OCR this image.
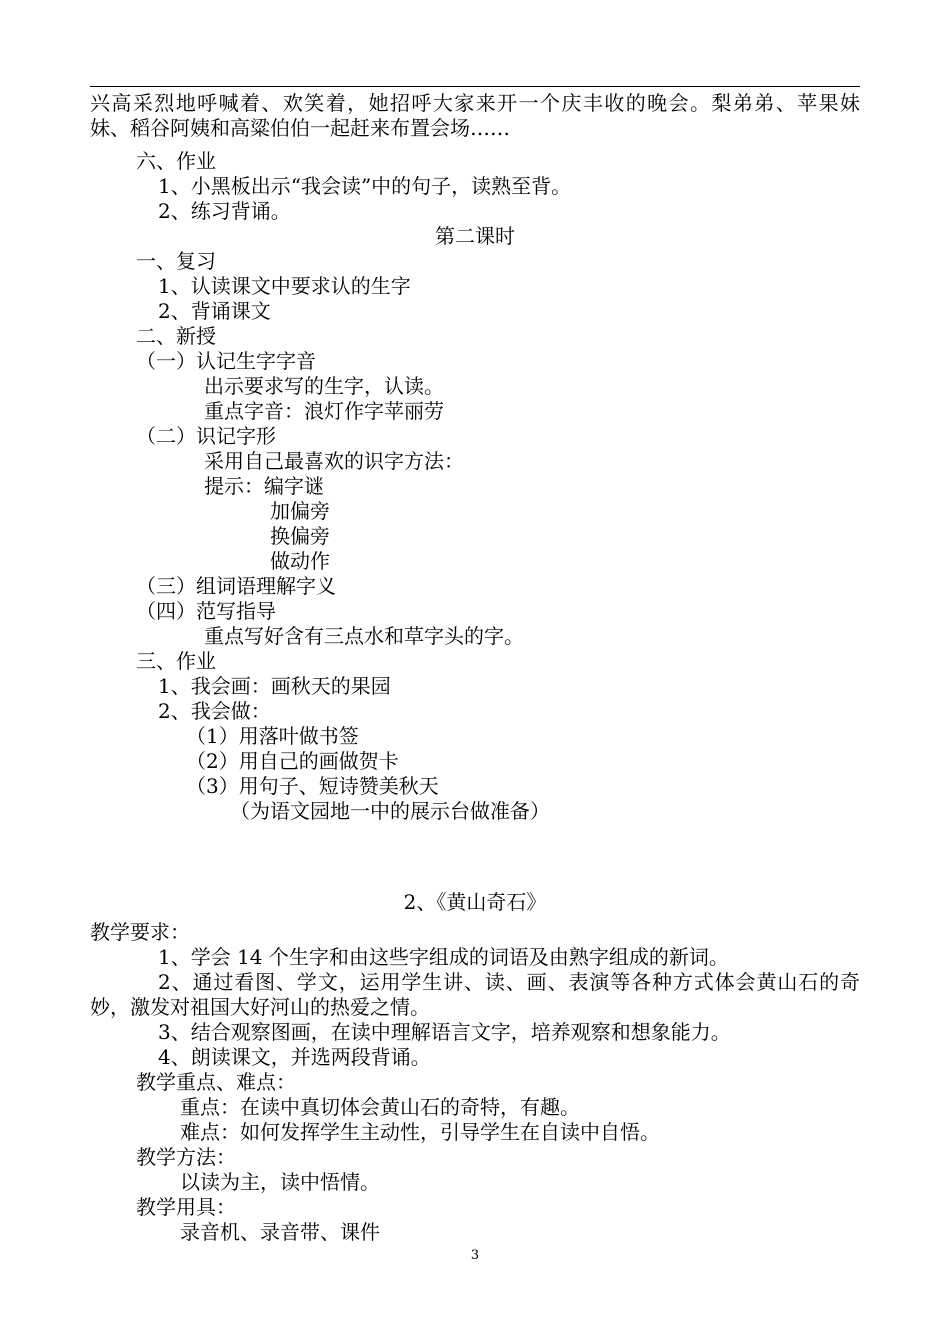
兴高采烈地呼喊着、欢笑着，她招呼大家来开一个庆丰收的晚会。梨弟弟、苹果妹
妹、稻谷阿姨和高粱伯伯一起赶来布置会场……
六、作业
1、小黑板出示“我会读”中的句子，读熟至背。
2、练习背诵。
第二课时
一、复习
1、认读课文中要求认的生字
2、背诵课文
二、新授
（一）认记生字字音
出示要求写的生字，认读。
重点字音：浪灯作字苹丽劳
（二）识记字形
采用自己最喜欢的识字方法：
提示：编字谜
加偏旁
换偏旁
做动作
（三）组词语理解字义
（四）范写指导
重点写好含有三点水和草字头的字。
三、作业
1、我会画：画秋天的果园
2、我会做：
（1）用落叶做书签
（2）用自己的画做贺卡
（3）用句子、短诗赞美秋天
（为语文园地一中的展示台做准备）
2、《黄山奇石》
教学要求：
1、学会 14 个生字和由这些字组成的词语及由熟字组成的新词。
2、通过看图、学文，运用学生讲、读、画、表演等各种方式体会黄山石的奇
妙，激发对祖国大好河山的热爱之情。
3、结合观察图画，在读中理解语言文字，培养观察和想象能力。
4、朗读课文，并选两段背诵。
教学重点、难点：
重点：在读中真切体会黄山石的奇特，有趣。
难点：如何发挥学生主动性，引导学生在自读中自悟。
教学方法：
以读为主，读中悟情。
教学用具：
录音机、录音带、课件
3
